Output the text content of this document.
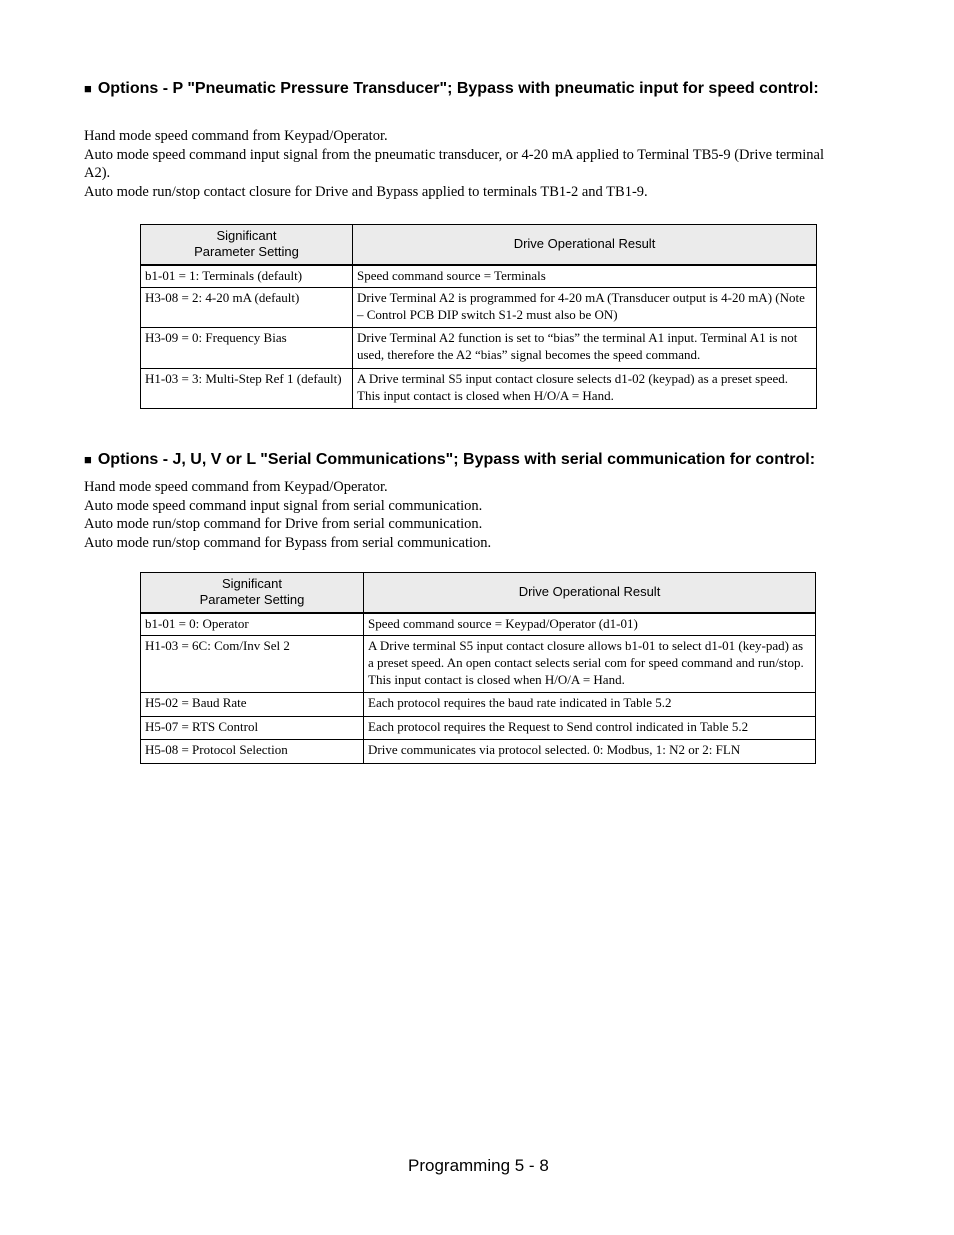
■ Options - P "Pneumatic Pressure Transducer"; Bypass with pneumatic input for speed control:

Hand mode speed command from Keypad/Operator.

Auto mode speed command input signal from the pneumatic transducer, or 4-20 mA applied to Terminal TB5-9 (Drive terminal A2).

Auto mode run/stop contact closure for Drive and Bypass applied to terminals TB1-2 and TB1-9.

Significant
Parameter Setting	Drive Operational Result
b1-01 = 1: Terminals (default)	Speed command source = Terminals
H3-08 = 2: 4-20 mA (default)	Drive Terminal A2 is programmed for 4-20 mA (Transducer output is 4-20 mA) (Note – Control PCB DIP switch S1-2 must also be ON)
H3-09 = 0: Frequency Bias	Drive Terminal A2 function is set to “bias” the terminal A1 input. Terminal A1 is not used, therefore the A2 “bias” signal becomes the speed command.
H1-03 = 3: Multi-Step Ref 1 (default)	A Drive terminal S5 input contact closure selects d1-02 (keypad) as a preset speed. This input contact is closed when H/O/A = Hand.
■ Options - J, U, V or L "Serial Communications"; Bypass with serial communication for control:

Hand mode speed command from Keypad/Operator.

Auto mode speed command input signal from serial communication.

Auto mode run/stop command for Drive from serial communication.

Auto mode run/stop command for Bypass from serial communication.

Significant
Parameter Setting	Drive Operational Result
b1-01 = 0: Operator	Speed command source = Keypad/Operator (d1-01)
H1-03 = 6C: Com/Inv Sel 2	A Drive terminal S5 input contact closure allows b1-01 to select d1-01 (key-pad) as a preset speed. An open contact selects serial com for speed command and run/stop. This input contact is closed when H/O/A = Hand.
H5-02 = Baud Rate	Each protocol requires the baud rate indicated in Table 5.2
H5-07 = RTS Control	Each protocol requires the Request to Send control indicated in Table 5.2
H5-08 = Protocol Selection	Drive communicates via protocol selected. 0: Modbus, 1: N2 or 2: FLN
Programming 5 - 8
